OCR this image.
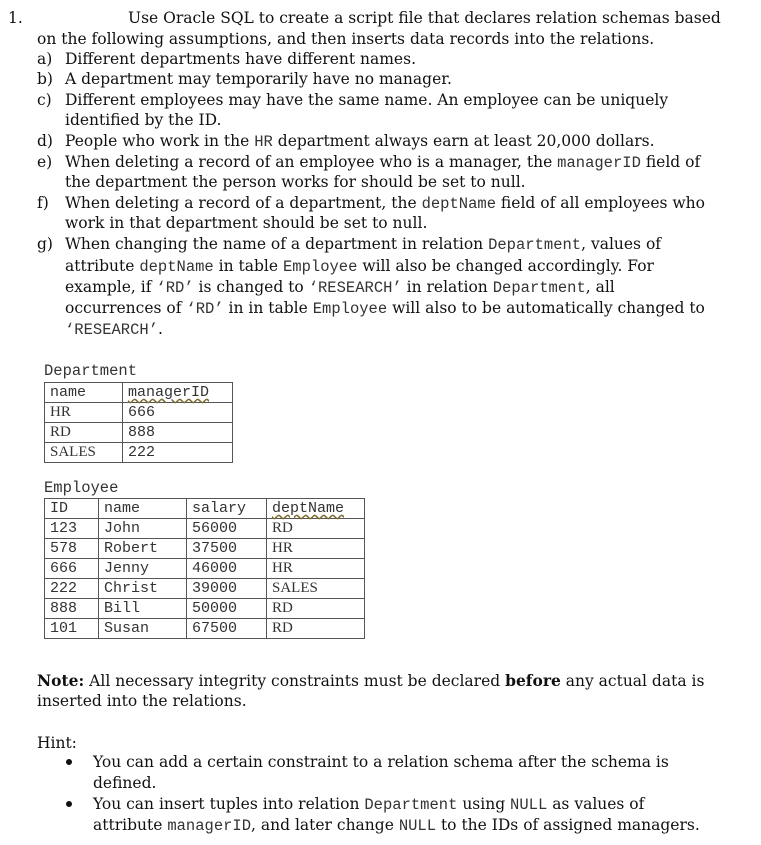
1.	Use Oracle SQL to create a script file that declares relation schemas based
on the following assumptions, and then inserts data records into the relations.
a) Different departments have different names.
b) A department may temporarily have no manager.
c) Different employees may have the same name. An employee can be uniquely
identified by the ID.
d) People who work in the HR department always earn at least 20,000 dollars.
e) When deleting a record of an employee who is a manager, the managerID field of
the department the person works for should be set to null.
f) When deleting a record of a department, the deptName field of all employees who
work in that department should be set to null.
g) When changing the name of a department in relation Department, values of
attribute deptName in table Employee will also be changed accordingly. For
example, if ‘RD’ is changed to ‘RESEARCH’ in relation Department, all
occurrences of ‘RD’ in in table Employee will also to be automatically changed to
‘RESEARCH’.
Department
name	managerID
HR	666
RD	888
SALES	222
Employee
ID	name	salary	deptName
123	John	56000	RD
578	Robert	37500	HR
666	Jenny	46000	HR
222	Christ	39000	SALES
888	Bill	50000	RD
101	Susan	67500	RD
Note: All necessary integrity constraints must be declared before any actual data is
inserted into the relations.
Hint:
You can add a certain constraint to a relation schema after the schema is
defined.
You can insert tuples into relation Department using NULL as values of
attribute managerID, and later change NULL to the IDs of assigned managers.
